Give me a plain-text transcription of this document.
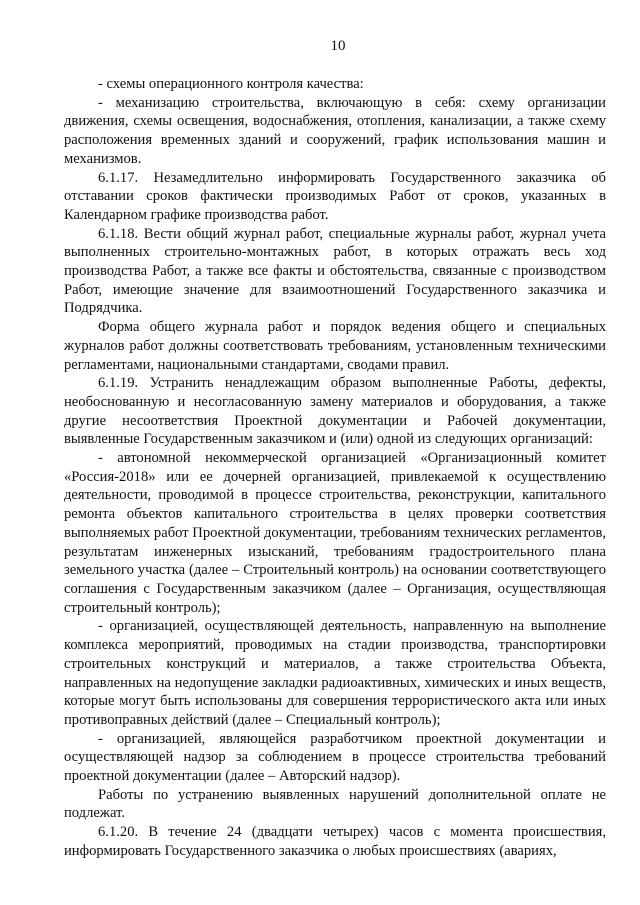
10

- схемы операционного контроля качества:

- механизацию строительства, включающую в себя: схему организации движения, схемы освещения, водоснабжения, отопления, канализации, а также схему расположения временных зданий и сооружений, график использования машин и механизмов.

6.1.17. Незамедлительно информировать Государственного заказчика об отставании сроков фактически производимых Работ от сроков, указанных в Календарном графике производства работ.

6.1.18. Вести общий журнал работ, специальные журналы работ, журнал учета выполненных строительно-монтажных работ, в которых отражать весь ход производства Работ, а также все факты и обстоятельства, связанные с производством Работ, имеющие значение для взаимоотношений Государственного заказчика и Подрядчика.

Форма общего журнала работ и порядок ведения общего и специальных журналов работ должны соответствовать требованиям, установленным техническими регламентами, национальными стандартами, сводами правил.

6.1.19. Устранить ненадлежащим образом выполненные Работы, дефекты, необоснованную и несогласованную замену материалов и оборудования, а также другие несоответствия Проектной документации и Рабочей документации, выявленные Государственным заказчиком и (или) одной из следующих организаций:

- автономной некоммерческой организацией «Организационный комитет «Россия-2018» или ее дочерней организацией, привлекаемой к осуществлению деятельности, проводимой в процессе строительства, реконструкции, капитального ремонта объектов капитального строительства в целях проверки соответствия выполняемых работ Проектной документации, требованиям технических регламентов, результатам инженерных изысканий, требованиям градостроительного плана земельного участка (далее – Строительный контроль) на основании соответствующего соглашения с Государственным заказчиком (далее – Организация, осуществляющая строительный контроль);

- организацией, осуществляющей деятельность, направленную на выполнение комплекса мероприятий, проводимых на стадии производства, транспортировки строительных конструкций и материалов, а также строительства Объекта, направленных на недопущение закладки радиоактивных, химических и иных веществ, которые могут быть использованы для совершения террористического акта или иных противоправных действий (далее – Специальный контроль);

- организацией, являющейся разработчиком проектной документации и осуществляющей надзор за соблюдением в процессе строительства требований проектной документации (далее – Авторский надзор).

Работы по устранению выявленных нарушений дополнительной оплате не подлежат.

6.1.20. В течение 24 (двадцати четырех) часов с момента происшествия, информировать Государственного заказчика о любых происшествиях (авариях,
